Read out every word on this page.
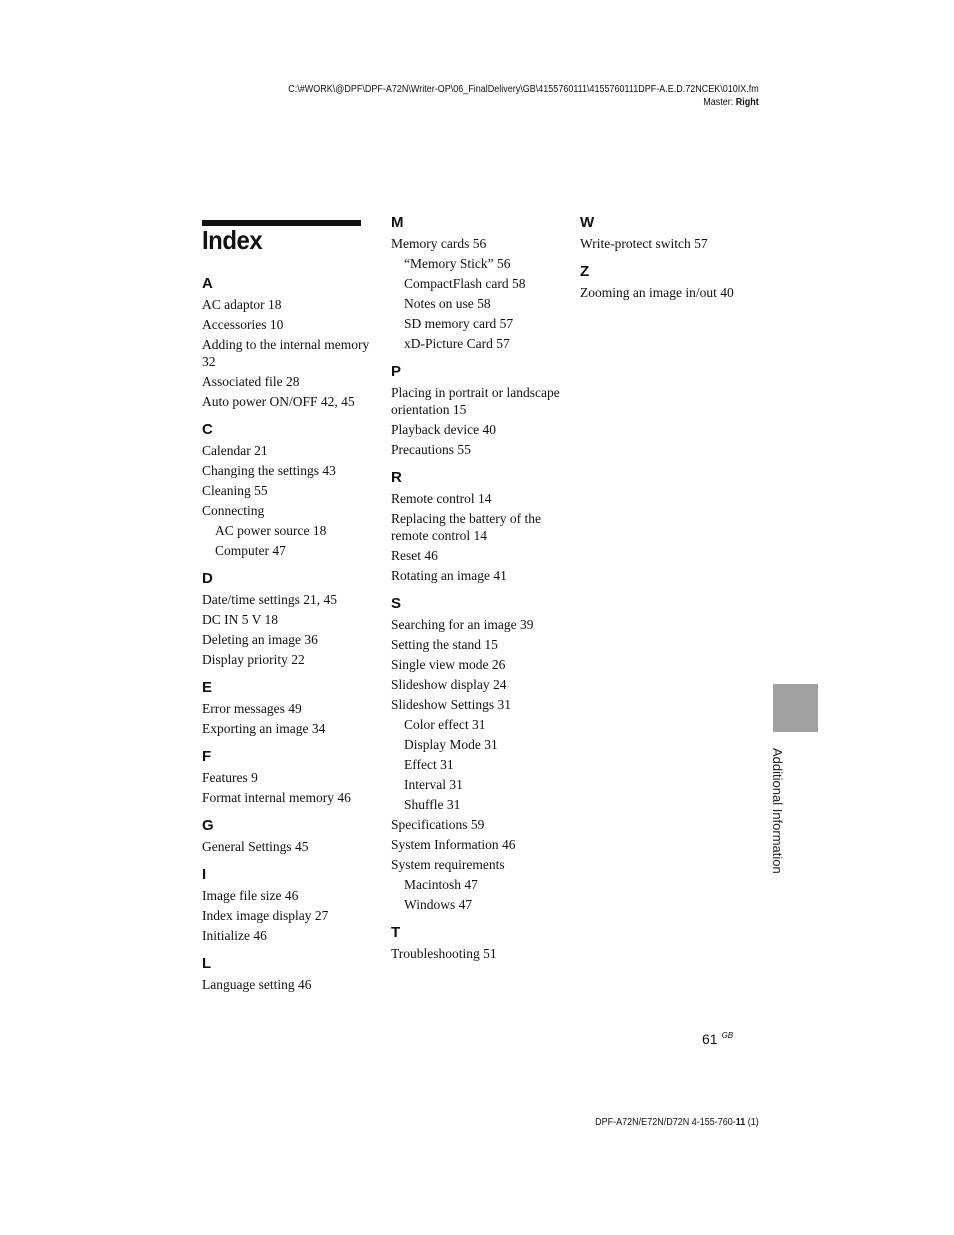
C:\#WORK\@DPF\DPF-A72N\Writer-OP\06_FinalDelivery\GB\4155760111\4155760111DPF-A.E.D.72NCEK\010IX.fm
Master: Right
Index
A
AC adaptor 18
Accessories 10
Adding to the internal memory 32
Associated file 28
Auto power ON/OFF 42, 45
C
Calendar 21
Changing the settings 43
Cleaning 55
Connecting
AC power source 18
Computer 47
D
Date/time settings 21, 45
DC IN 5 V 18
Deleting an image 36
Display priority 22
E
Error messages 49
Exporting an image 34
F
Features 9
Format internal memory 46
G
General Settings 45
I
Image file size 46
Index image display 27
Initialize 46
L
Language setting 46
M
Memory cards 56
“Memory Stick” 56
CompactFlash card 58
Notes on use 58
SD memory card 57
xD-Picture Card 57
P
Placing in portrait or landscape orientation 15
Playback device 40
Precautions 55
R
Remote control 14
Replacing the battery of the remote control 14
Reset 46
Rotating an image 41
S
Searching for an image 39
Setting the stand 15
Single view mode 26
Slideshow display 24
Slideshow Settings 31
Color effect 31
Display Mode 31
Effect 31
Interval 31
Shuffle 31
Specifications 59
System Information 46
System requirements
Macintosh 47
Windows 47
T
Troubleshooting 51
W
Write-protect switch 57
Z
Zooming an image in/out 40
Additional Information
61 $^{GB}$
DPF-A72N/E72N/D72N 4-155-760-11 (1)
